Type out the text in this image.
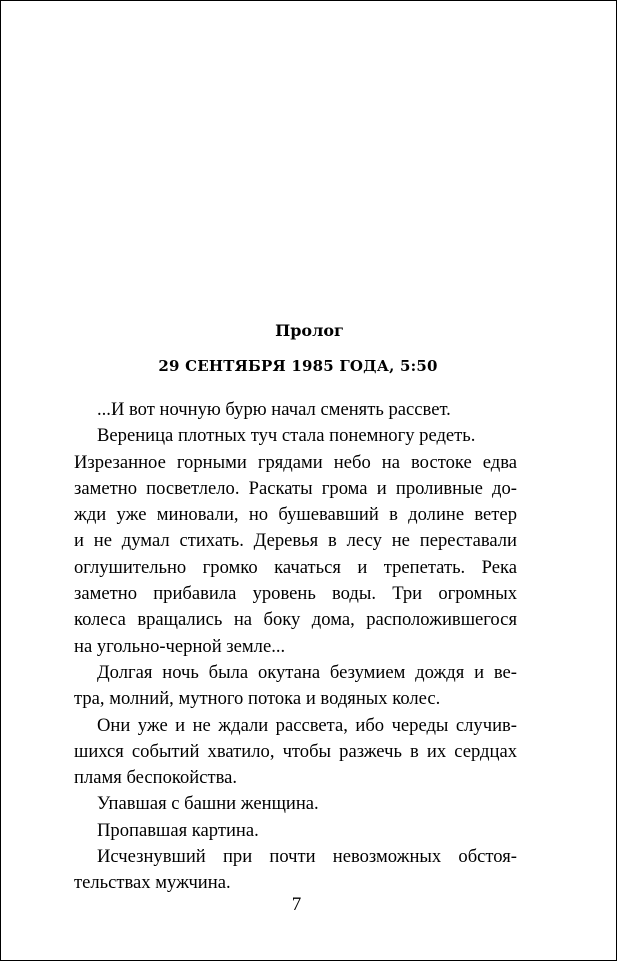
Пролог
29 СЕНТЯБРЯ 1985 ГОДА, 5:50
...И вот ночную бурю начал сменять рассвет.
Вереница плотных туч стала понемногу редеть.
Изрезанное горными грядами небо на востоке едва
заметно посветлело. Раскаты грома и проливные до-
жди уже миновали, но бушевавший в долине ветер
и не думал стихать. Деревья в лесу не переставали
оглушительно громко качаться и трепетать. Река
заметно прибавила уровень воды. Три огромных
колеса вращались на боку дома, расположившегося
на угольно-черной земле...
Долгая ночь была окутана безумием дождя и ве-
тра, молний, мутного потока и водяных колес.
Они уже и не ждали рассвета, ибо череды случив-
шихся событий хватило, чтобы разжечь в их сердцах
пламя беспокойства.
Упавшая с башни женщина.
Пропавшая картина.
Исчезнувший при почти невозможных обстоя-
тельствах мужчина.
7
